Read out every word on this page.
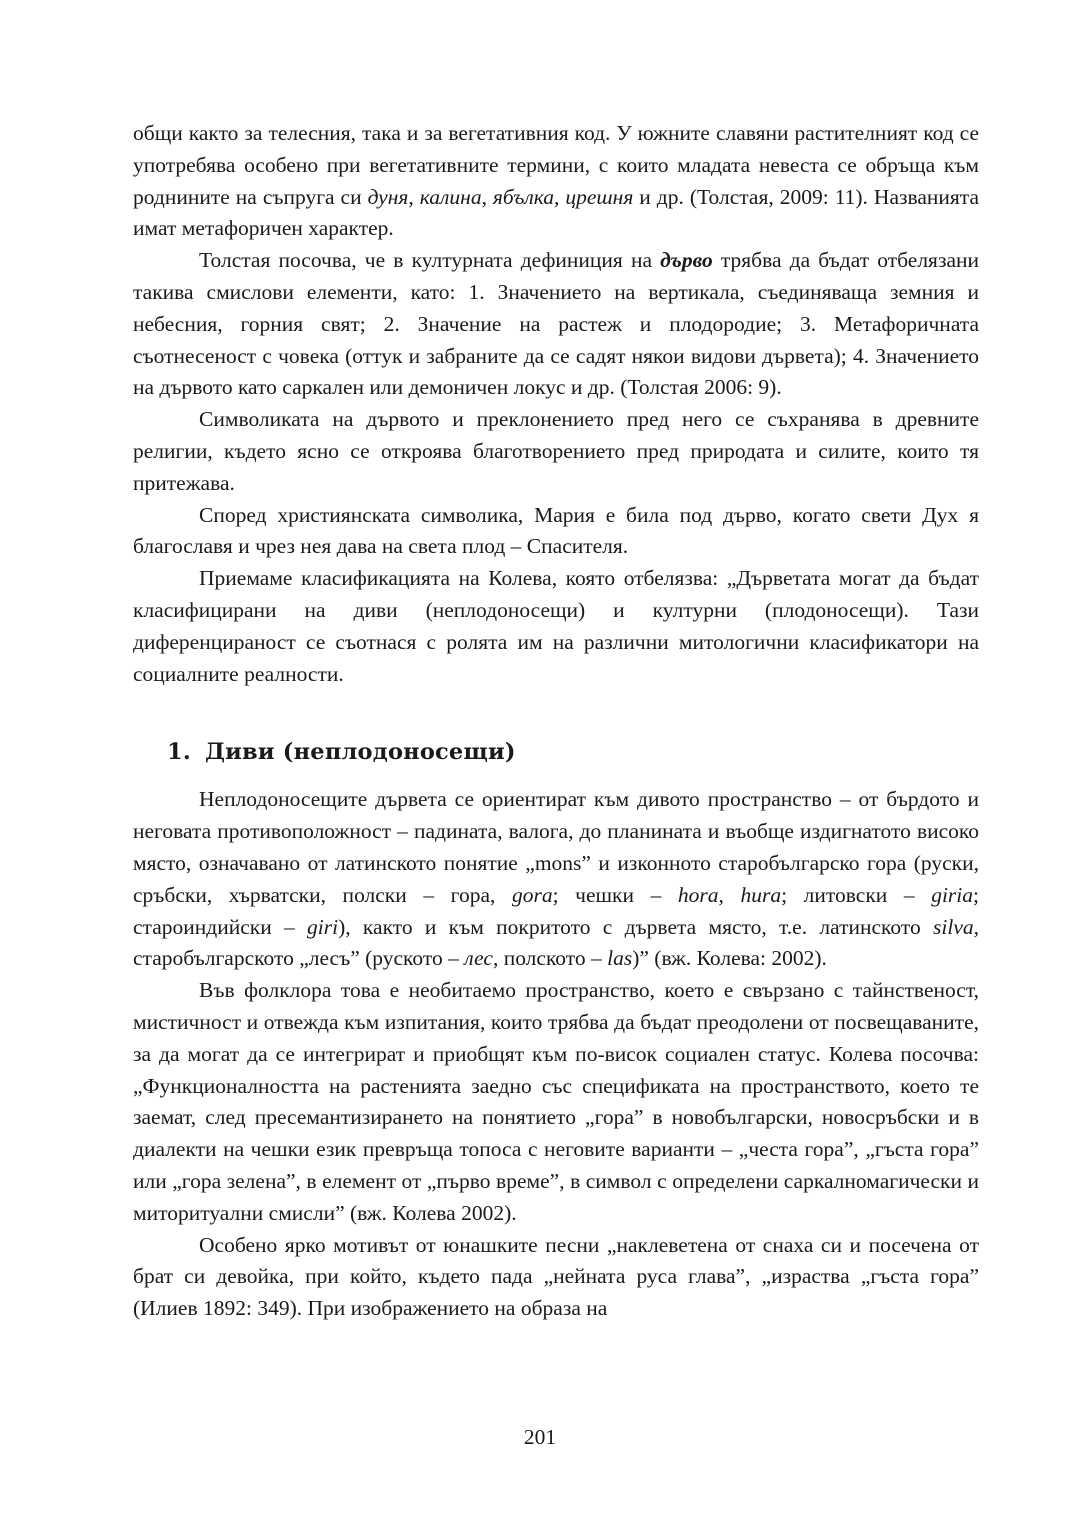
общи както за телесния, така и за вегетативния код. У южните славяни растителният код се употребява особено при вегетативните термини, с които младата невеста се обръща към роднините на съпруга си дуня, калина, ябълка, црешня и др. (Толстая, 2009: 11). Названията имат метафоричен характер.

Толстая посочва, че в културната дефиниция на дърво трябва да бъдат отбелязани такива смислови елементи, като: 1. Значението на вертикала, съединяваща земния и небесния, горния свят; 2. Значение на растеж и плодородие; 3. Метафоричната съотнесеност с човека (оттук и забраните да се садят някои видови дървета); 4. Значението на дървото като саркален или демоничен локус и др. (Толстая 2006: 9).

Символиката на дървото и преклонението пред него се съхранява в древните религии, където ясно се откроява благотворението пред природата и силите, които тя притежава.

Според християнската символика, Мария е била под дърво, когато свети Дух я благославя и чрез нея дава на света плод – Спасителя.

Приемаме класификацията на Колева, която отбелязва: „Дърветата могат да бъдат класифицирани на диви (неплодоносещи) и културни (плодоносещи). Тази диференцираност се съотнася с ролята им на различни митологични класификатори на социалните реалности.

1. Диви (неплодоносещи)

Неплодоносещите дървета се ориентират към дивото пространство – от бърдото и неговата противоположност – падината, валога, до планината и въобще издигнатото високо място, означавано от латинското понятие „mons” и изконното старобългарско гора (руски, сръбски, хърватски, полски – гора, gora; чешки – hora, hura; литовски – giria; староиндийски – giri), както и към покритото с дървета място, т.е. латинското silva, старобългарското „лесъ” (руското – лес, полското – las)” (вж. Колева: 2002).

Във фолклора това е необитаемо пространство, което е свързано с тайнственост, мистичност и отвежда към изпитания, които трябва да бъдат преодолени от посвещаваните, за да могат да се интегрират и приобщят към по-висок социален статус. Колева посочва: „Функционалността на растенията заедно със спецификата на пространството, което те заемат, след пресемантизирането на понятието „гора” в новобългарски, новосръбски и в диалекти на чешки език превръща топоса с неговите варианти – „честа гора”, „гъста гора” или „гора зелена”, в елемент от „първо време”, в символ с определени саркалномагически и миторитуални смисли” (вж. Колева 2002).

Особено ярко мотивът от юнашките песни „наклеветена от снаха си и посечена от брат си девойка, при който, където пада „нейната руса глава”, „израства „гъста гора” (Илиев 1892: 349). При изображението на образа на

201
